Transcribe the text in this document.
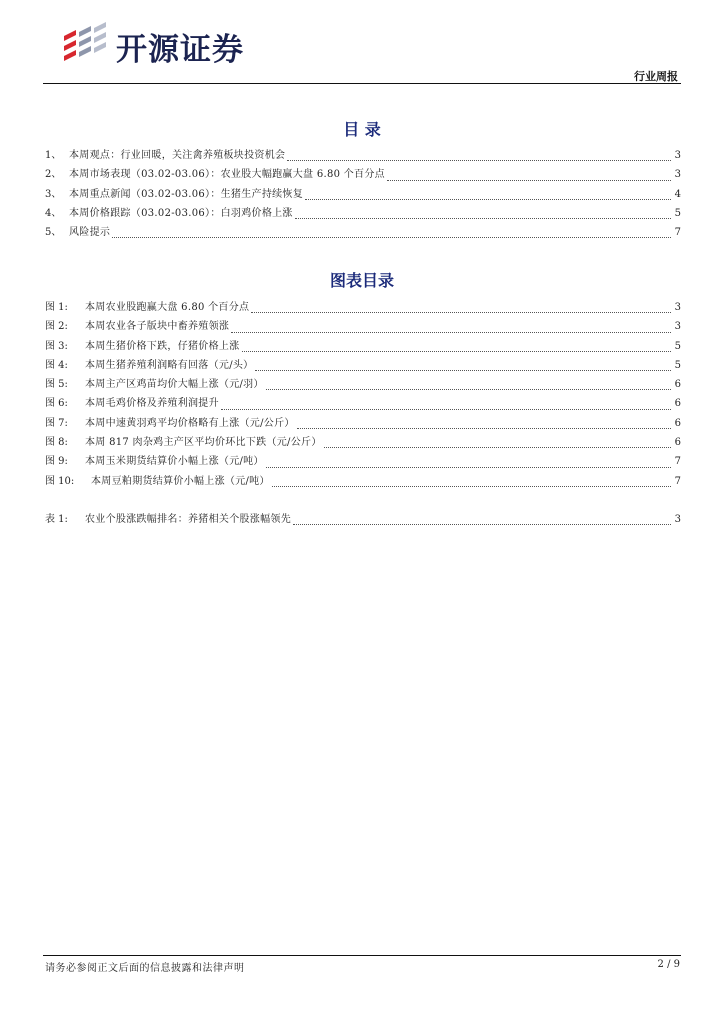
开源证券
行业周报
目 录
1、 本周观点：行业回暖，关注禽养殖板块投资机会	3
2、 本周市场表现（03.02-03.06）：农业股大幅跑赢大盘 6.80 个百分点	3
3、 本周重点新闻（03.02-03.06）：生猪生产持续恢复	4
4、 本周价格跟踪（03.02-03.06）：白羽鸡价格上涨	5
5、 风险提示	7
图表目录
图 1:	本周农业股跑赢大盘 6.80 个百分点	3
图 2:	本周农业各子版块中畜养殖领涨	3
图 3:	本周生猪价格下跌，仔猪价格上涨	5
图 4:	本周生猪养殖利润略有回落（元/头）	5
图 5:	本周主产区鸡苗均价大幅上涨（元/羽）	6
图 6:	本周毛鸡价格及养殖利润提升	6
图 7:	本周中速黄羽鸡平均价格略有上涨（元/公斤）	6
图 8:	本周 817 肉杂鸡主产区平均价环比下跌（元/公斤）	6
图 9:	本周玉米期货结算价小幅上涨（元/吨）	7
图 10:	本周豆粕期货结算价小幅上涨（元/吨）	7
表 1:	农业个股涨跌幅排名：养猪相关个股涨幅领先	3
请务必参阅正文后面的信息披露和法律声明	2 / 9
